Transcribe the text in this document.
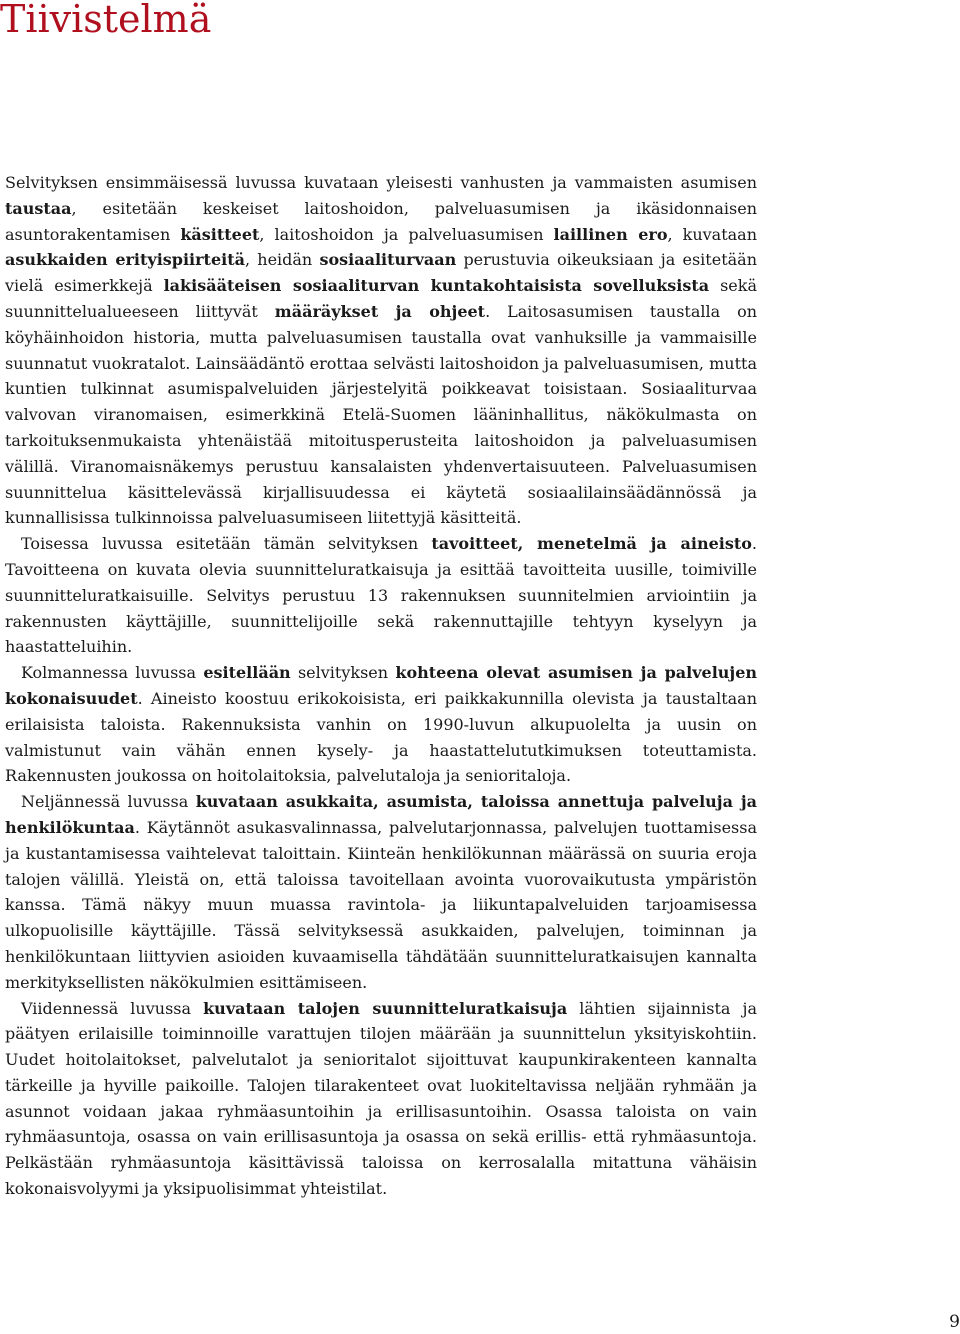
Tiivistelmä

Selvityksen ensimmäisessä luvussa kuvataan yleisesti vanhusten ja vammaisten asumisen taustaa, esitetään keskeiset laitoshoidon, palveluasumisen ja ikäsidonnaisen asuntorakentamisen käsitteet, laitoshoidon ja palveluasumisen laillinen ero, kuvataan asukkaiden erityispiirteitä, heidän sosiaaliturvaan perustuvia oikeuksiaan ja esitetään vielä esimerkkejä lakisääteisen sosiaaliturvan kuntakohtaisista sovelluksista sekä suunnittelualueeseen liittyvät määräykset ja ohjeet. Laitosasumisen taustalla on köyhäinhoidon historia, mutta palveluasumisen taustalla ovat vanhuksille ja vammaisille suunnatut vuokratalot. Lainsäädäntö erottaa selvästi laitoshoidon ja palveluasumisen, mutta kuntien tulkinnat asumispalveluiden järjestelyitä poikkeavat toisistaan. Sosiaaliturvaa valvovan viranomaisen, esimerkkinä Etelä-Suomen lääninhallitus, näkökulmasta on tarkoituksenmukaista yhtenäistää mitoitusperusteita laitoshoidon ja palveluasumisen välillä. Viranomaisnäkemys perustuu kansalaisten yhdenvertaisuuteen. Palveluasumisen suunnittelua käsittelevässä kirjallisuudessa ei käytetä sosiaalilainsäädännössä ja kunnallisissa tulkinnoissa palveluasumiseen liitettyjä käsitteitä.

Toisessa luvussa esitetään tämän selvityksen tavoitteet, menetelmä ja aineisto. Tavoitteena on kuvata olevia suunnitteluratkaisuja ja esittää tavoitteita uusille, toimiville suunnitteluratkaisuille. Selvitys perustuu 13 rakennuksen suunnitelmien arviointiin ja rakennusten käyttäjille, suunnittelijoille sekä rakennuttajille tehtyyn kyselyyn ja haastatteluihin.

Kolmannessa luvussa esitellään selvityksen kohteena olevat asumisen ja palvelujen kokonaisuudet. Aineisto koostuu erikokoisista, eri paikkakunnilla olevista ja taustaltaan erilaisista taloista. Rakennuksista vanhin on 1990-luvun alkupuolelta ja uusin on valmistunut vain vähän ennen kysely- ja haastattelututkimuksen toteuttamista. Rakennusten joukossa on hoitolaitoksia, palvelutaloja ja senioritaloja.

Neljännessä luvussa kuvataan asukkaita, asumista, taloissa annettuja palveluja ja henkilökuntaa. Käytännöt asukasvalinnassa, palvelutarjonnassa, palvelujen tuottamisessa ja kustantamisessa vaihtelevat taloittain. Kiinteän henkilökunnan määrässä on suuria eroja talojen välillä. Yleistä on, että taloissa tavoitellaan avointa vuorovaikutusta ympäristön kanssa. Tämä näkyy muun muassa ravintola- ja liikuntapalveluiden tarjoamisessa ulkopuolisille käyttäjille. Tässä selvityksessä asukkaiden, palvelujen, toiminnan ja henkilökuntaan liittyvien asioiden kuvaamisella tähdätään suunnitteluratkaisujen kannalta merkityksellisten näkökulmien esittämiseen.

Viidennessä luvussa kuvataan talojen suunnitteluratkaisuja lähtien sijainnista ja päätyen erilaisille toiminnoille varattujen tilojen määrään ja suunnittelun yksityiskohtiin. Uudet hoitolaitokset, palvelutalot ja senioritalot sijoittuvat kaupunkirakenteen kannalta tärkeille ja hyville paikoille. Talojen tilarakenteet ovat luokiteltavissa neljään ryhmään ja asunnot voidaan jakaa ryhmäasuntoihin ja erillisasuntoihin. Osassa taloista on vain ryhmäasuntoja, osassa on vain erillisasuntoja ja osassa on sekä erillis- että ryhmäasuntoja. Pelkästään ryhmäasuntoja käsittävissä taloissa on kerrosalalla mitattuna vähäisin kokonaisvolyymi ja yksipuolisimmat yhteistilat.

9
